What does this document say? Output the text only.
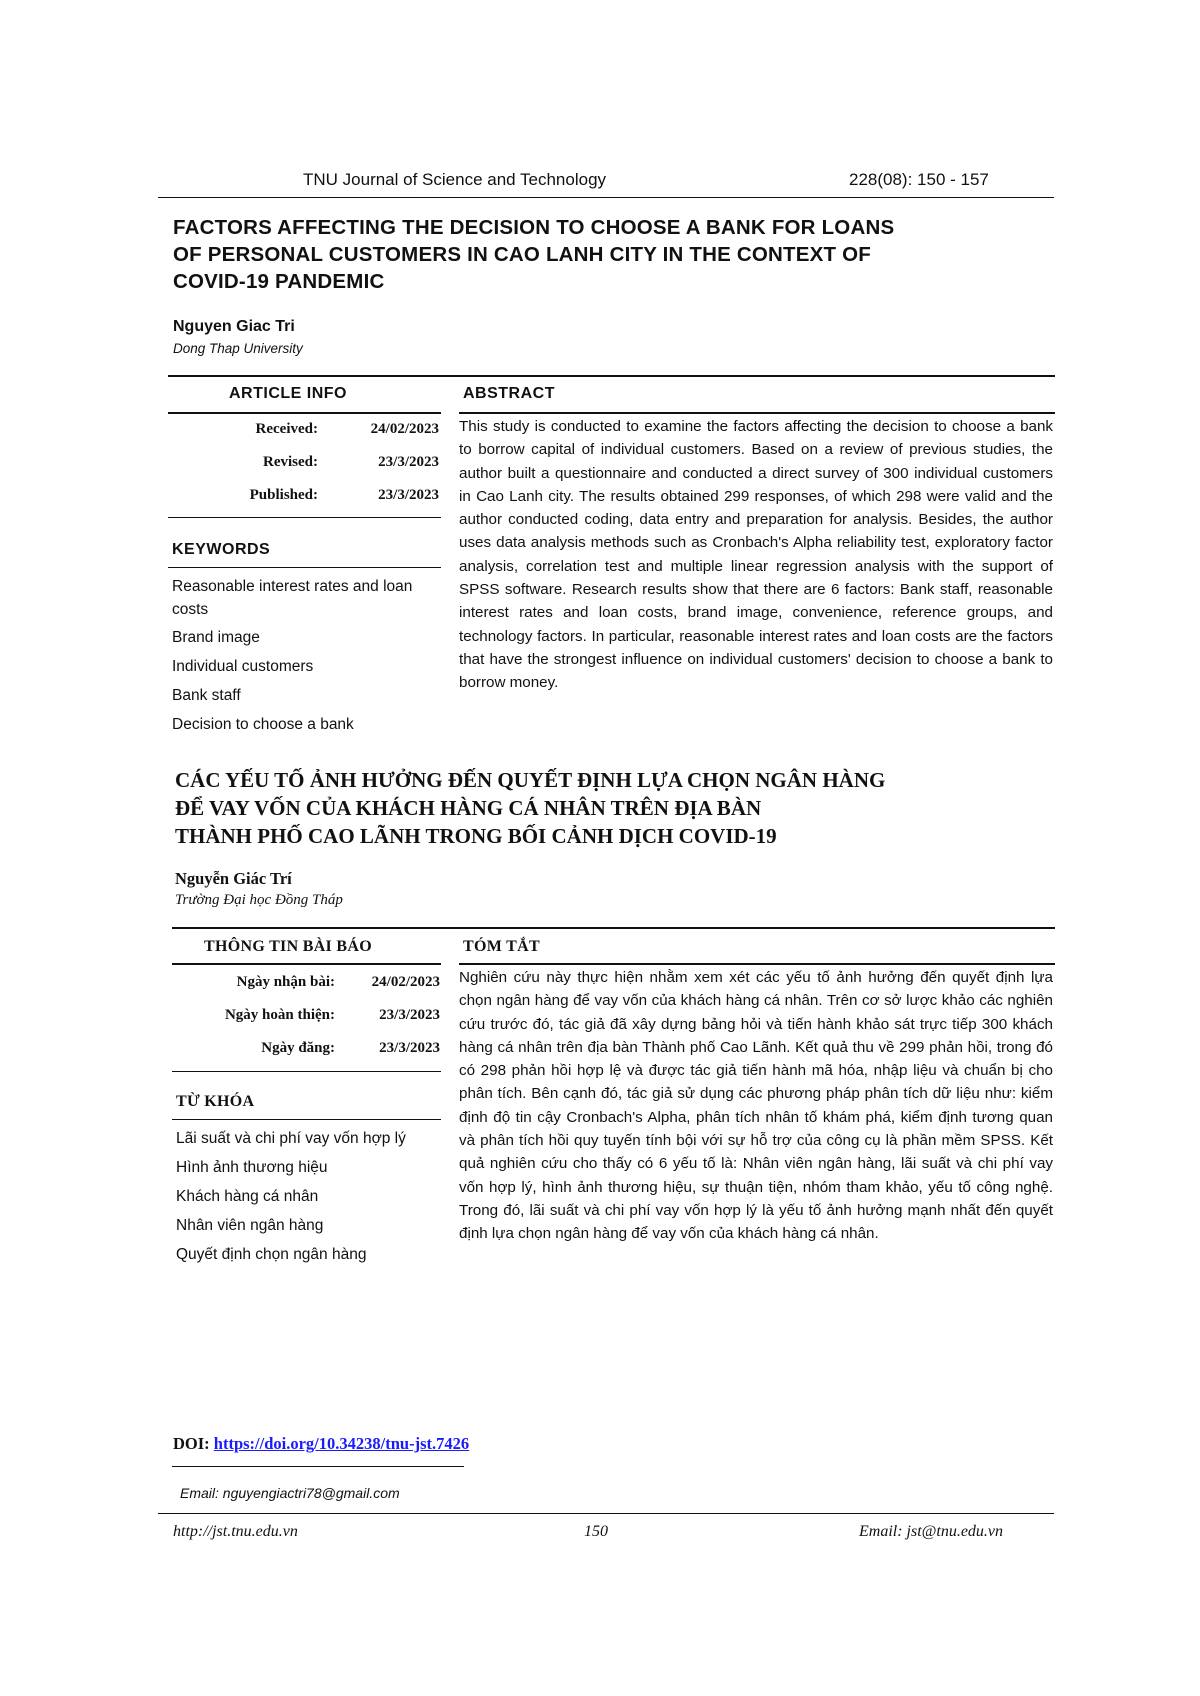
TNU Journal of Science and Technology	228(08): 150 - 157
FACTORS AFFECTING THE DECISION TO CHOOSE A BANK FOR LOANS
OF PERSONAL CUSTOMERS IN CAO LANH CITY IN THE CONTEXT OF
COVID-19 PANDEMIC
Nguyen Giac Tri
Dong Thap University
ARTICLE INFO	ABSTRACT
Received:	24/02/2023
Revised:	23/3/2023
Published:	23/3/2023
KEYWORDS
Reasonable interest rates and loan costs
Brand image
Individual customers
Bank staff
Decision to choose a bank
This study is conducted to examine the factors affecting the decision to choose a bank to borrow capital of individual customers. Based on a review of previous studies, the author built a questionnaire and conducted a direct survey of 300 individual customers in Cao Lanh city. The results obtained 299 responses, of which 298 were valid and the author conducted coding, data entry and preparation for analysis. Besides, the author uses data analysis methods such as Cronbach's Alpha reliability test, exploratory factor analysis, correlation test and multiple linear regression analysis with the support of SPSS software. Research results show that there are 6 factors: Bank staff, reasonable interest rates and loan costs, brand image, convenience, reference groups, and technology factors. In particular, reasonable interest rates and loan costs are the factors that have the strongest influence on individual customers' decision to choose a bank to borrow money.
CÁC YẾU TỐ ẢNH HƯỞNG ĐẾN QUYẾT ĐỊNH LỰA CHỌN NGÂN HÀNG
ĐỂ VAY VỐN CỦA KHÁCH HÀNG CÁ NHÂN TRÊN ĐỊA BÀN
THÀNH PHỐ CAO LÃNH TRONG BỐI CẢNH DỊCH COVID-19
Nguyễn Giác Trí
Trường Đại học Đồng Tháp
THÔNG TIN BÀI BÁO	TÓM TẮT
Ngày nhận bài:	24/02/2023
Ngày hoàn thiện:	23/3/2023
Ngày đăng:	23/3/2023
TỪ KHÓA
Lãi suất và chi phí vay vốn hợp lý
Hình ảnh thương hiệu
Khách hàng cá nhân
Nhân viên ngân hàng
Quyết định chọn ngân hàng
Nghiên cứu này thực hiện nhằm xem xét các yếu tố ảnh hưởng đến quyết định lựa chọn ngân hàng để vay vốn của khách hàng cá nhân. Trên cơ sở lược khảo các nghiên cứu trước đó, tác giả đã xây dựng bảng hỏi và tiến hành khảo sát trực tiếp 300 khách hàng cá nhân trên địa bàn Thành phố Cao Lãnh. Kết quả thu về 299 phản hồi, trong đó có 298 phản hồi hợp lệ và được tác giả tiến hành mã hóa, nhập liệu và chuẩn bị cho phân tích. Bên cạnh đó, tác giả sử dụng các phương pháp phân tích dữ liệu như: kiểm định độ tin cậy Cronbach's Alpha, phân tích nhân tố khám phá, kiểm định tương quan và phân tích hồi quy tuyến tính bội với sự hỗ trợ của công cụ là phần mềm SPSS. Kết quả nghiên cứu cho thấy có 6 yếu tố là: Nhân viên ngân hàng, lãi suất và chi phí vay vốn hợp lý, hình ảnh thương hiệu, sự thuận tiện, nhóm tham khảo, yếu tố công nghệ. Trong đó, lãi suất và chi phí vay vốn hợp lý là yếu tố ảnh hưởng mạnh nhất đến quyết định lựa chọn ngân hàng để vay vốn của khách hàng cá nhân.
DOI: https://doi.org/10.34238/tnu-jst.7426
Email: nguyengiactri78@gmail.com
http://jst.tnu.edu.vn	150	Email: jst@tnu.edu.vn
